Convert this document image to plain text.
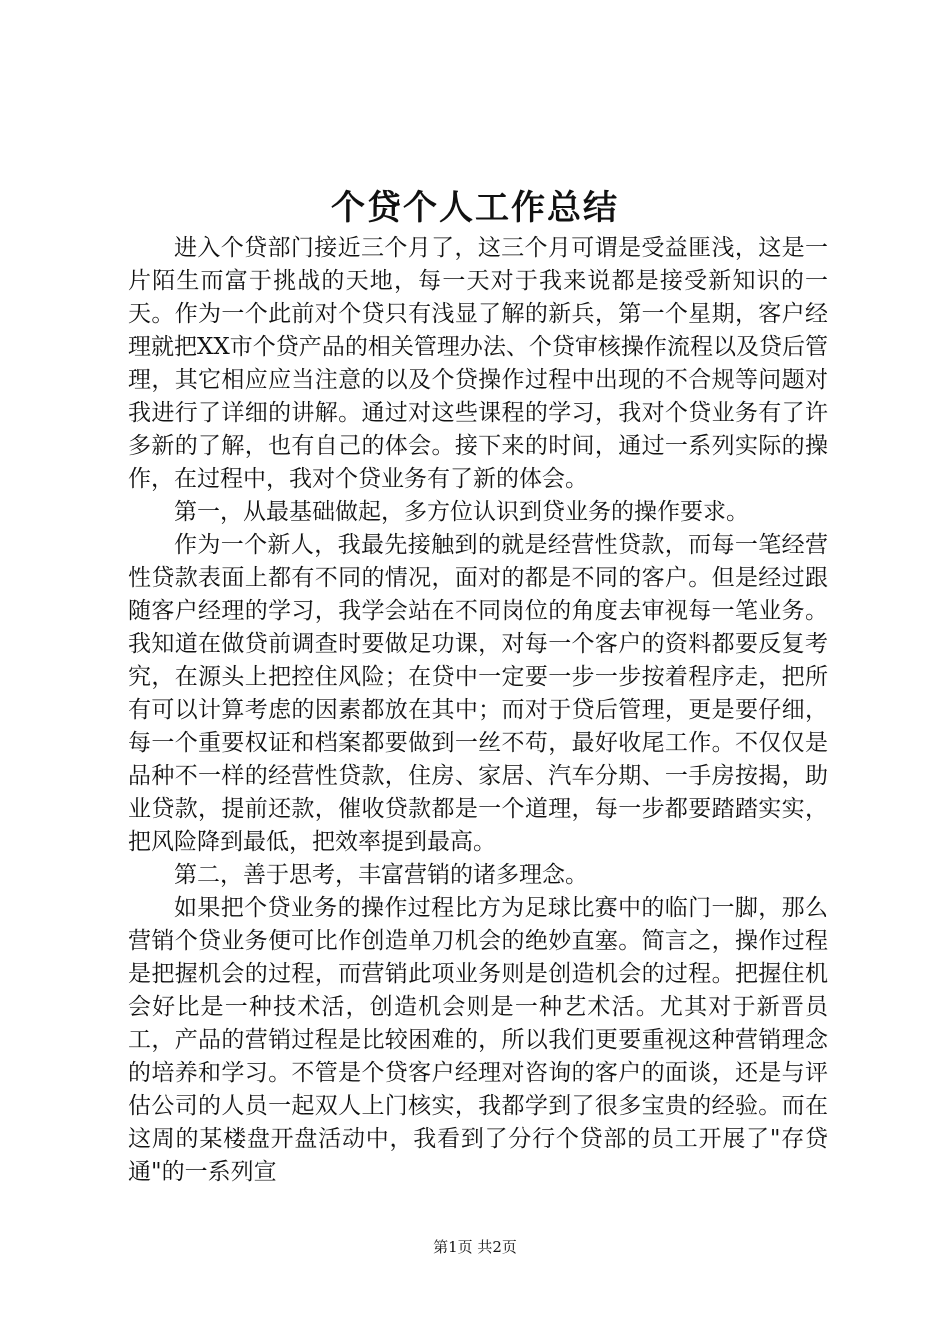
个贷个人工作总结

进入个贷部门接近三个月了，这三个月可谓是受益匪浅，这是一片陌生而富于挑战的天地，每一天对于我来说都是接受新知识的一天。作为一个此前对个贷只有浅显了解的新兵，第一个星期，客户经理就把XX市个贷产品的相关管理办法、个贷审核操作流程以及贷后管理，其它相应应当注意的以及个贷操作过程中出现的不合规等问题对我进行了详细的讲解。通过对这些课程的学习，我对个贷业务有了许多新的了解，也有自己的体会。接下来的时间，通过一系列实际的操作，在过程中，我对个贷业务有了新的体会。

第一，从最基础做起，多方位认识到贷业务的操作要求。

作为一个新人，我最先接触到的就是经营性贷款，而每一笔经营性贷款表面上都有不同的情况，面对的都是不同的客户。但是经过跟随客户经理的学习，我学会站在不同岗位的角度去审视每一笔业务。我知道在做贷前调查时要做足功课，对每一个客户的资料都要反复考究，在源头上把控住风险；在贷中一定要一步一步按着程序走，把所有可以计算考虑的因素都放在其中；而对于贷后管理，更是要仔细，每一个重要权证和档案都要做到一丝不苟，最好收尾工作。不仅仅是品种不一样的经营性贷款，住房、家居、汽车分期、一手房按揭，助业贷款，提前还款，催收贷款都是一个道理，每一步都要踏踏实实，把风险降到最低，把效率提到最高。

第二，善于思考，丰富营销的诸多理念。

如果把个贷业务的操作过程比方为足球比赛中的临门一脚，那么营销个贷业务便可比作创造单刀机会的绝妙直塞。简言之，操作过程是把握机会的过程，而营销此项业务则是创造机会的过程。把握住机会好比是一种技术活，创造机会则是一种艺术活。尤其对于新晋员工，产品的营销过程是比较困难的，所以我们更要重视这种营销理念的培养和学习。不管是个贷客户经理对咨询的客户的面谈，还是与评估公司的人员一起双人上门核实，我都学到了很多宝贵的经验。而在这周的某楼盘开盘活动中，我看到了分行个贷部的员工开展了"存贷通"的一系列宣

第1页 共2页
